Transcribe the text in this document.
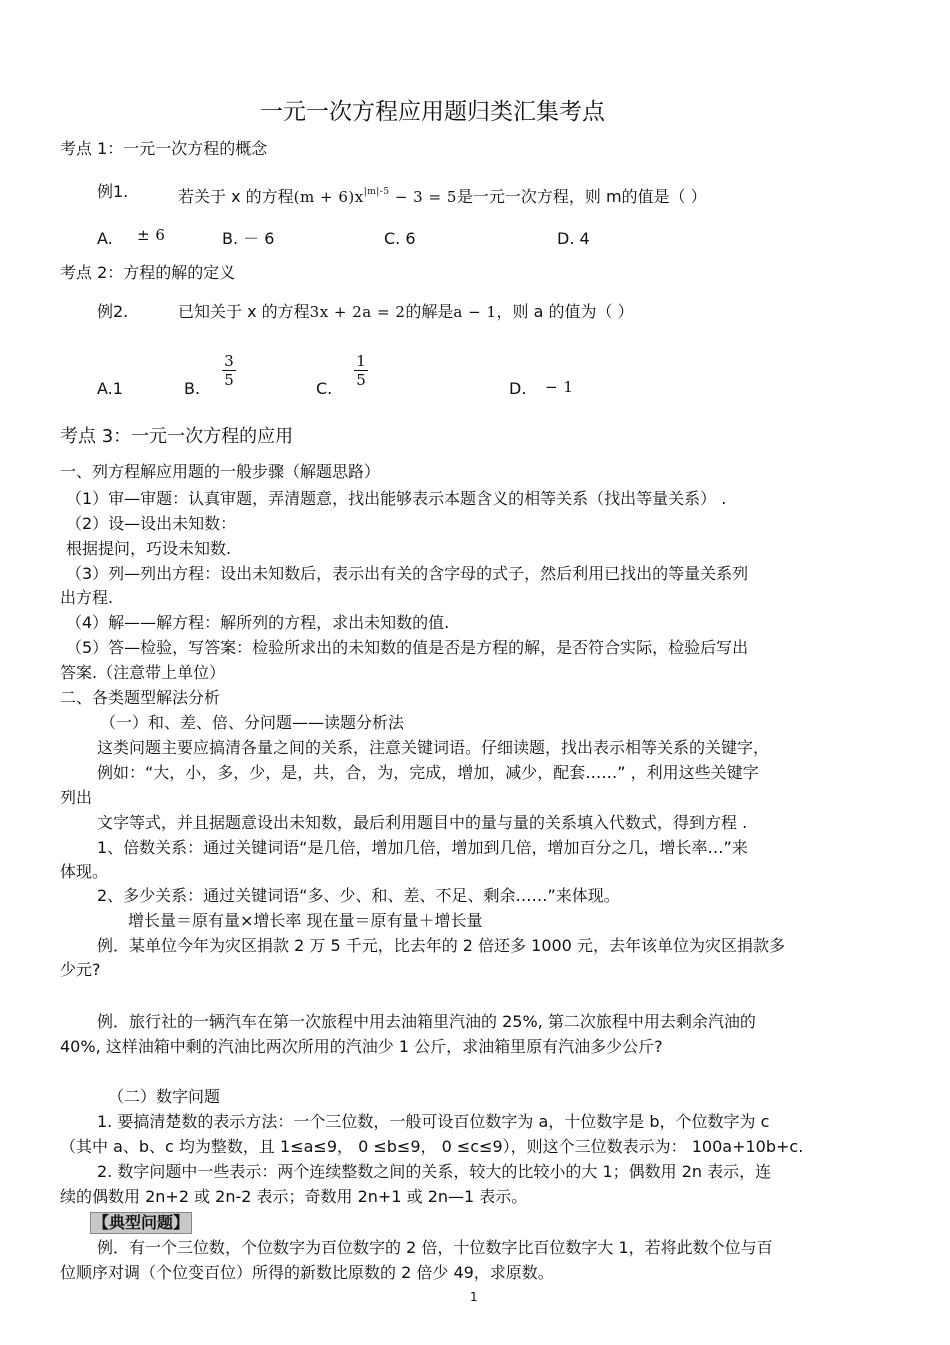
一元一次方程应用题归类汇集考点
考点 1：一元一次方程的概念
例1.	若关于 x 的方程$(m + 6)x^{|m|-5} - 3 = 5$是一元一次方程，则 m的值是（ ）
A. ± 6	B. － 6	C. 6	D. 4
考点 2：方程的解的定义
例2.	已知关于 x 的方程3x + 2a = 2的解是a − 1，则 a 的值为（ ）
A.1	B. $\frac{3}{5}$	C. $\frac{1}{5}$	D. − 1
考点 3：一元一次方程的应用
一、列方程解应用题的一般步骤（解题思路）
（1）审—审题：认真审题，弄清题意，找出能够表示本题含义的相等关系（找出等量关系） .
（2）设—设出未知数：
根据提问，巧设未知数.
（3）列—列出方程：设出未知数后，表示出有关的含字母的式子，然后利用已找出的等量关系列
出方程.
（4）解——解方程：解所列的方程，求出未知数的值.
（5）答—检验，写答案：检验所求出的未知数的值是否是方程的解，是否符合实际，检验后写出
答案.（注意带上单位）
二、各类题型解法分析
（一）和、差、倍、分问题——读题分析法
这类问题主要应搞清各量之间的关系，注意关键词语。仔细读题，找出表示相等关系的关键字，
例如：“大，小，多，少，是，共，合，为，完成，增加，减少，配套……” ，利用这些关键字
列出
文字等式，并且据题意设出未知数，最后利用题目中的量与量的关系填入代数式，得到方程 .
1、倍数关系：通过关键词语“是几倍，增加几倍，增加到几倍，增加百分之几，增长率…”来
体现。
2、多少关系：通过关键词语“多、少、和、差、不足、剩余……”来体现。
增长量＝原有量×增长率 现在量＝原有量＋增长量
例．某单位今年为灾区捐款 2 万 5 千元，比去年的 2 倍还多 1000 元，去年该单位为灾区捐款多
少元?
例．旅行社的一辆汽车在第一次旅程中用去油箱里汽油的 25%, 第二次旅程中用去剩余汽油的
40%, 这样油箱中剩的汽油比两次所用的汽油少 1 公斤，求油箱里原有汽油多少公斤?
（二）数字问题
1. 要搞清楚数的表示方法：一个三位数，一般可设百位数字为 a，十位数字是 b，个位数字为 c
（其中 a、b、c 均为整数，且 1≤a≤9， 0 ≤b≤9， 0 ≤c≤9），则这个三位数表示为： 100a+10b+c.
2. 数字问题中一些表示：两个连续整数之间的关系，较大的比较小的大 1；偶数用 2n 表示，连
续的偶数用 2n+2 或 2n-2 表示；奇数用 2n+1 或 2n—1 表示。
【典型问题】
例．有一个三位数，个位数字为百位数字的 2 倍，十位数字比百位数字大 1，若将此数个位与百
位顺序对调（个位变百位）所得的新数比原数的 2 倍少 49，求原数。
1
